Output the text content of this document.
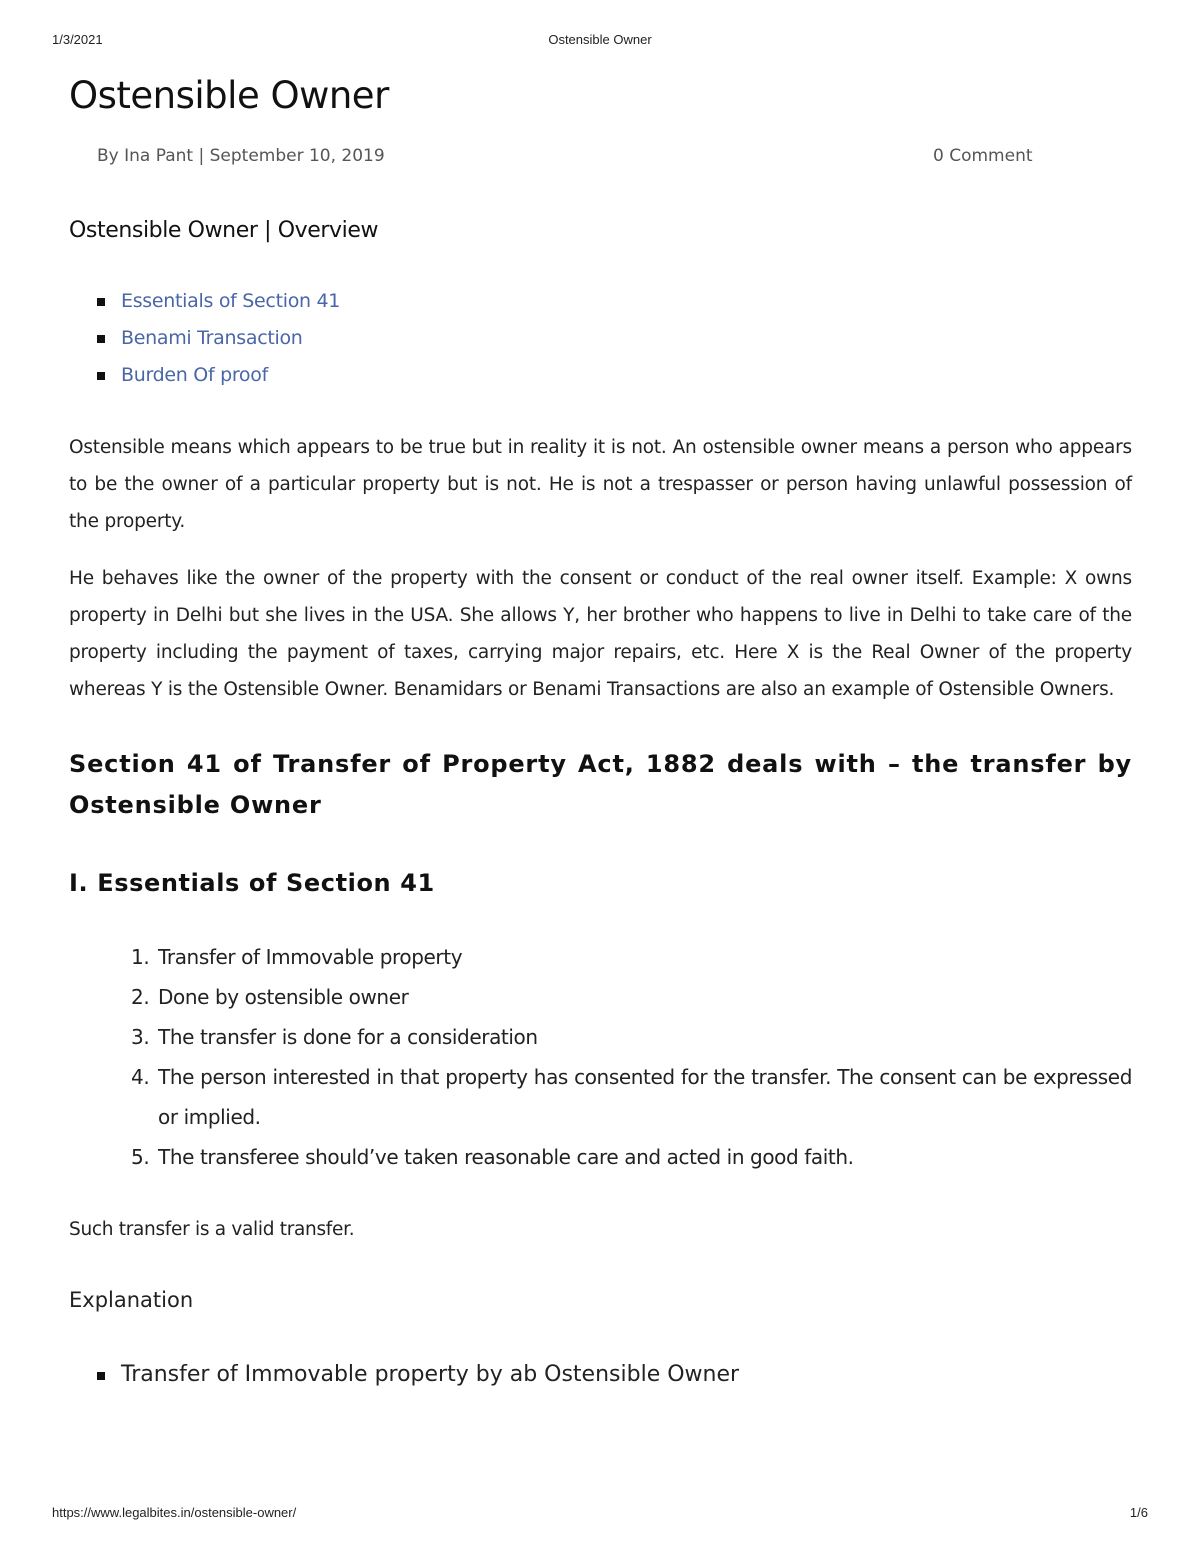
1/3/2021	Ostensible Owner
Ostensible Owner
By Ina Pant | September 10, 2019	0 Comment
Ostensible Owner | Overview
Essentials of Section 41
Benami Transaction
Burden Of proof

Ostensible means which appears to be true but in reality it is not. An ostensible owner means a person who appears to be the owner of a particular property but is not. He is not a trespasser or person having unlawful possession of the property.

He behaves like the owner of the property with the consent or conduct of the real owner itself. Example: X owns property in Delhi but she lives in the USA. She allows Y, her brother who happens to live in Delhi to take care of the property including the payment of taxes, carrying major repairs, etc. Here X is the Real Owner of the property whereas Y is the Ostensible Owner. Benamidars or Benami Transactions are also an example of Ostensible Owners.

Section 41 of Transfer of Property Act, 1882 deals with – the transfer by Ostensible Owner
I. Essentials of Section 41
1. Transfer of Immovable property
2. Done by ostensible owner
3. The transfer is done for a consideration
4. The person interested in that property has consented for the transfer. The consent can be expressed or implied.
5. The transferee should’ve taken reasonable care and acted in good faith.

Such transfer is a valid transfer.

Explanation
Transfer of Immovable property by ab Ostensible Owner
https://www.legalbites.in/ostensible-owner/	1/6
